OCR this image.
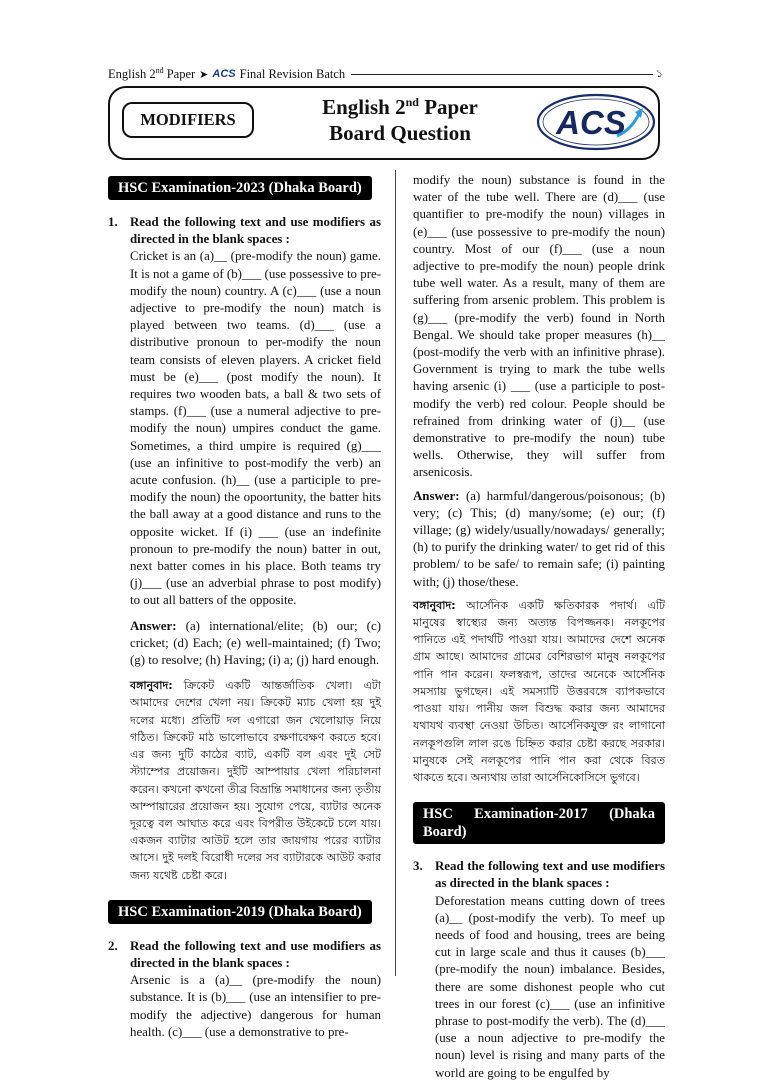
English 2nd Paper ➤ ACS Final Revision Batch	১
MODIFIERS
English 2nd Paper
Board Question	ACS
HSC Examination-2023 (Dhaka Board)
1. Read the following text and use modifiers as directed in the blank spaces :
Cricket is an (a)__ (pre-modify the noun) game. It is not a game of (b)___ (use possessive to pre-modify the noun) country. A (c)___ (use a noun adjective to pre-modify the noun) match is played between two teams. (d)___ (use a distributive pronoun to per-modify the noun team consists of eleven players. A cricket field must be (e)___ (post modify the noun). It requires two wooden bats, a ball & two sets of stamps. (f)___ (use a numeral adjective to pre-modify the noun) umpires conduct the game. Sometimes, a third umpire is required (g)___ (use an infinitive to post-modify the verb) an acute confusion. (h)__ (use a participle to pre-modify the noun) the opoortunity, the batter hits the ball away at a good distance and runs to the opposite wicket. If (i) ___ (use an indefinite pronoun to pre-modify the noun) batter in out, next batter comes in his place. Both teams try (j)___ (use an adverbial phrase to post modify) to out all batters of the opposite.
Answer: (a) international/elite; (b) our; (c) cricket; (d) Each; (e) well-maintained; (f) Two; (g) to resolve; (h) Having; (i) a; (j) hard enough.
বঙ্গানুবাদ: ক্রিকেট একটি আন্তর্জাতিক খেলা। এটা আমাদের দেশের খেলা নয়। ক্রিকেট ম্যাচ খেলা হয় দুই দলের মধ্যে। প্রতিটি দল এগারো জন খেলোয়াড় নিয়ে গঠিত। ক্রিকেট মাঠ ভালোভাবে রক্ষণাবেক্ষণ করতে হবে। এর জন্য দুটি কাঠের ব্যাট, একটি বল এবং দুই সেট স্ট্যাম্পের প্রয়োজন। দুইটি আম্পায়ার খেলা পরিচালনা করেন। কখনো কখনো তীব্র বিভ্রান্তি সমাধানের জন্য তৃতীয় আম্পায়ারের প্রয়োজন হয়। সুযোগ পেয়ে, ব্যাটার অনেক দূরত্বে বল আঘাত করে এবং বিপরীত উইকেটে চলে যায়। একজন ব্যাটার আউট হলে তার জায়গায় পরের ব্যাটার আসে। দুই দলই বিরোধী দলের সব ব্যাটারকে আউট করার জন্য যথেষ্ট চেষ্টা করে।
HSC Examination-2019 (Dhaka Board)
2. Read the following text and use modifiers as directed in the blank spaces :
Arsenic is a (a)__ (pre-modify the noun) substance. It is (b)___ (use an intensifier to pre-modify the adjective) dangerous for human health. (c)___ (use a demonstrative to pre-
modify the noun) substance is found in the water of the tube well. There are (d)___ (use quantifier to pre-modify the noun) villages in (e)___ (use possessive to pre-modify the noun) country. Most of our (f)___ (use a noun adjective to pre-modify the noun) people drink tube well water. As a result, many of them are suffering from arsenic problem. This problem is (g)___ (pre-modify the verb) found in North Bengal. We should take proper measures (h)__ (post-modify the verb with an infinitive phrase). Government is trying to mark the tube wells having arsenic (i) ___ (use a participle to post-modify the verb) red colour. People should be refrained from drinking water of (j)__ (use demonstrative to pre-modify the noun) tube wells. Otherwise, they will suffer from arsenicosis.
Answer: (a) harmful/dangerous/poisonous; (b) very; (c) This; (d) many/some; (e) our; (f) village; (g) widely/usually/nowadays/ generally; (h) to purify the drinking water/ to get rid of this problem/ to be safe/ to remain safe; (i) painting with; (j) those/these.
বঙ্গানুবাদ: আর্সেনিক একটি ক্ষতিকারক পদার্থ। এটি মানুষের স্বাস্থ্যের জন্য অত্যন্ত বিপজ্জনক। নলকূপের পানিতে এই পদার্থটি পাওয়া যায়। আমাদের দেশে অনেক গ্রাম আছে। আমাদের গ্রামের বেশিরভাগ মানুষ নলকূপের পানি পান করেন। ফলস্বরূপ, তাদের অনেকে আর্সেনিক সমস্যায় ভুগছেন। এই সমস্যাটি উত্তরবঙ্গে ব্যাপকভাবে পাওয়া যায়। পানীয় জল বিশুদ্ধ করার জন্য আমাদের যথাযথ ব্যবস্থা নেওয়া উচিত। আর্সেনিকযুক্ত রং লাগানো নলকূপগুলি লাল রঙে চিহ্নিত করার চেষ্টা করছে সরকার। মানুষকে সেই নলকূপের পানি পান করা থেকে বিরত থাকতে হবে। অন্যথায় তারা আর্সেনিকোসিসে ভুগবে।
HSC Examination-2017 (Dhaka Board)
3. Read the following text and use modifiers as directed in the blank spaces :
Deforestation means cutting down of trees (a)__ (post-modify the verb). To meef up needs of food and housing, trees are being cut in large scale and thus it causes (b)___ (pre-modify the noun) imbalance. Besides, there are some dishonest people who cut trees in our forest (c)___ (use an infinitive phrase to post-modify the verb). The (d)___ (use a noun adjective to pre-modify the noun) level is rising and many parts of the world are going to be engulfed by
